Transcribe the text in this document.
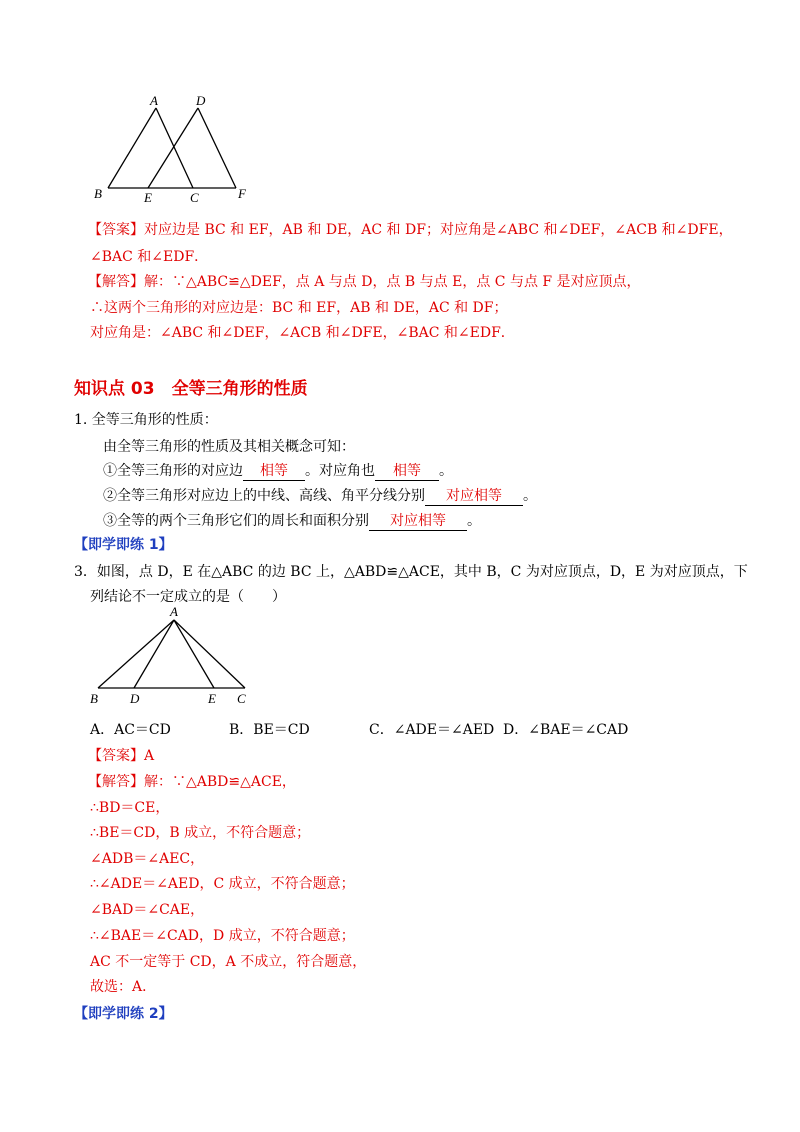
A	D
B	E	C	F
【答案】对应边是 BC 和 EF，AB 和 DE，AC 和 DF；对应角是∠ABC 和∠DEF，∠ACB 和∠DFE，
∠BAC 和∠EDF．
【解答】解：∵△ABC≌△DEF，点 A 与点 D，点 B 与点 E，点 C 与点 F 是对应顶点，
∴这两个三角形的对应边是：BC 和 EF，AB 和 DE，AC 和 DF；
对应角是：∠ABC 和∠DEF，∠ACB 和∠DFE，∠BAC 和∠EDF．
知识点 03　全等三角形的性质
1. 全等三角形的性质：
由全等三角形的性质及其相关概念可知：
①全等三角形的对应边 相等 。对应角也 相等 。
②全等三角形对应边上的中线、高线、角平分线分别 对应相等 。
③全等的两个三角形它们的周长和面积分别 对应相等 。
【即学即练 1】
3．如图，点 D，E 在△ABC 的边 BC 上，△ABD≌△ACE，其中 B，C 为对应顶点，D，E 为对应顶点，下
列结论不一定成立的是（　　）
A
B D	E C
A．AC＝CD	B．BE＝CD	C．∠ADE＝∠AED D．∠BAE＝∠CAD
【答案】A
【解答】解：∵△ABD≌△ACE，
∴BD＝CE，
∴BE＝CD，B 成立，不符合题意；
∠ADB＝∠AEC，
∴∠ADE＝∠AED，C 成立，不符合题意；
∠BAD＝∠CAE，
∴∠BAE＝∠CAD，D 成立，不符合题意；
AC 不一定等于 CD，A 不成立，符合题意，
故选：A．
【即学即练 2】
